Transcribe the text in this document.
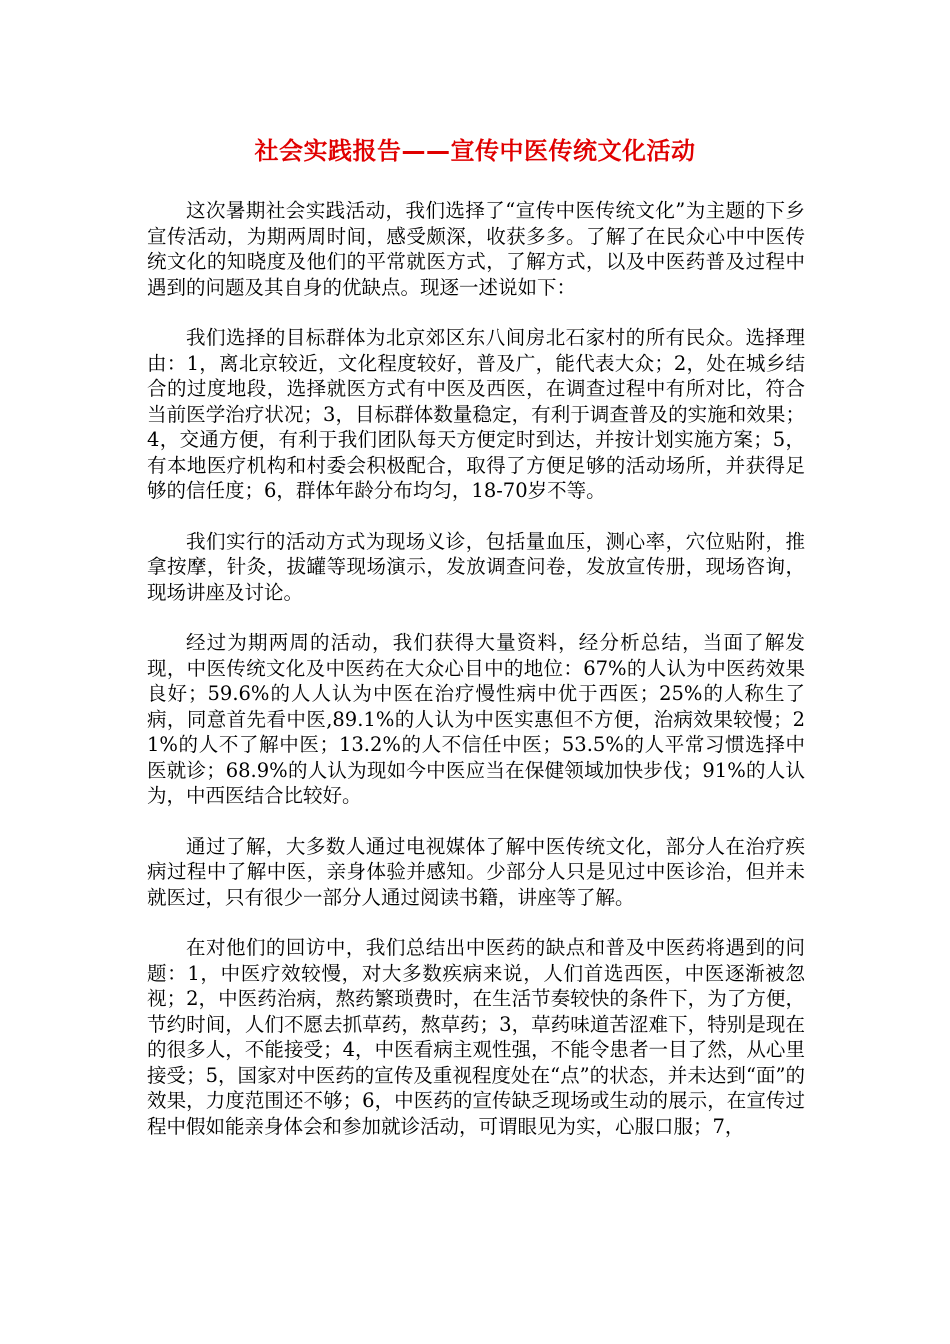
社会实践报告——宣传中医传统文化活动

这次暑期社会实践活动，我们选择了“宣传中医传统文化”为主题的下乡宣传活动，为期两周时间，感受颇深，收获多多。了解了在民众心中中医传统文化的知晓度及他们的平常就医方式，了解方式，以及中医药普及过程中遇到的问题及其自身的优缺点。现逐一述说如下：

我们选择的目标群体为北京郊区东八间房北石家村的所有民众。选择理由：1，离北京较近，文化程度较好，普及广，能代表大众；2，处在城乡结合的过度地段，选择就医方式有中医及西医，在调查过程中有所对比，符合当前医学治疗状况；3，目标群体数量稳定，有利于调查普及的实施和效果；4，交通方便，有利于我们团队每天方便定时到达，并按计划实施方案；5，有本地医疗机构和村委会积极配合，取得了方便足够的活动场所，并获得足够的信任度；6，群体年龄分布均匀，18-70岁不等。

我们实行的活动方式为现场义诊，包括量血压，测心率，穴位贴附，推拿按摩，针灸，拔罐等现场演示，发放调查问卷，发放宣传册，现场咨询，现场讲座及讨论。

经过为期两周的活动，我们获得大量资料，经分析总结，当面了解发现，中医传统文化及中医药在大众心目中的地位：67%的人认为中医药效果良好；59.6%的人人认为中医在治疗慢性病中优于西医；25%的人称生了病，同意首先看中医,89.1%的人认为中医实惠但不方便，治病效果较慢；21%的人不了解中医；13.2%的人不信任中医；53.5%的人平常习惯选择中医就诊；68.9%的人认为现如今中医应当在保健领域加快步伐；91%的人认为，中西医结合比较好。

通过了解，大多数人通过电视媒体了解中医传统文化，部分人在治疗疾病过程中了解中医，亲身体验并感知。少部分人只是见过中医诊治，但并未就医过，只有很少一部分人通过阅读书籍，讲座等了解。

在对他们的回访中，我们总结出中医药的缺点和普及中医药将遇到的问题：1，中医疗效较慢，对大多数疾病来说，人们首选西医，中医逐渐被忽视；2，中医药治病，熬药繁琐费时，在生活节奏较快的条件下，为了方便，节约时间，人们不愿去抓草药，熬草药；3，草药味道苦涩难下，特别是现在的很多人，不能接受；4，中医看病主观性强，不能令患者一目了然，从心里接受；5，国家对中医药的宣传及重视程度处在“点”的状态，并未达到“面”的效果，力度范围还不够；6，中医药的宣传缺乏现场或生动的展示，在宣传过程中假如能亲身体会和参加就诊活动，可谓眼见为实，心服口服；7，
